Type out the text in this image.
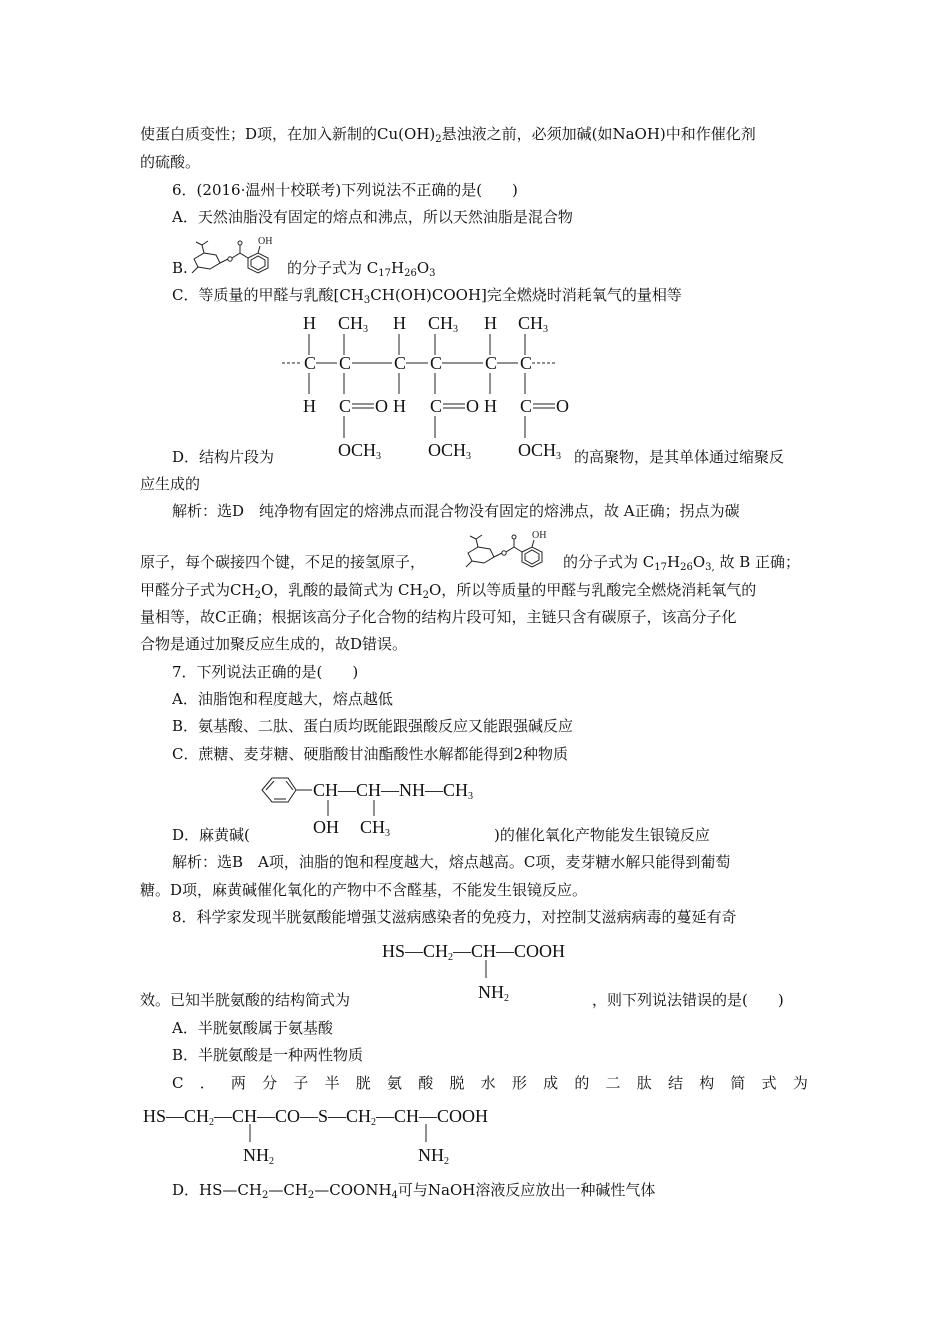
使蛋白质变性；D项，在加入新制的$Cu(OH)_2$悬浊液之前，必须加碱(如NaOH)中和作催化剂
的硫酸。
6．(2016·温州十校联考)下列说法不正确的是(　　)
A．天然油脂没有固定的熔点和沸点，所以天然油脂是混合物
B.
OH
的分子式为 $C_{17}H_{26}O_3$
C．等质量的甲醛与乳酸$[CH_3CH(OH)COOH]$完全燃烧时消耗氧气的量相等
H $CH_3$ H $CH_3$ H $CH_3$
C C C C C C
H C O H C O H C O
$OCH_3$	$OCH_3$	$OCH_3$
D．结构片段为	的高聚物，是其单体通过缩聚反
应生成的
解析：选D　纯净物有固定的熔沸点而混合物没有固定的熔沸点，故 A正确；拐点为碳
原子，每个碳接四个键，不足的接氢原子，
OH
的分子式为 $C_{17}H_{26}O_{3,}$ 故 B 正确；
甲醛分子式为$CH_2O$，乳酸的最简式为 $CH_2O$，所以等质量的甲醛与乳酸完全燃烧消耗氧气的
量相等，故C正确；根据该高分子化合物的结构片段可知，主链只含有碳原子，该高分子化
合物是通过加聚反应生成的，故D错误。
7．下列说法正确的是(　　)
A．油脂饱和程度越大，熔点越低
B．氨基酸、二肽、蛋白质均既能跟强酸反应又能跟强碱反应
C．蔗糖、麦芽糖、硬脂酸甘油酯酸性水解都能得到2种物质
$CH—CH—NH—CH_3$
OH $CH_3$
D．麻黄碱(	)的催化氧化产物能发生银镜反应
解析：选B　A项，油脂的饱和程度越大，熔点越高。C项，麦芽糖水解只能得到葡萄
糖。D项，麻黄碱催化氧化的产物中不含醛基，不能发生银镜反应。
8．科学家发现半胱氨酸能增强艾滋病感染者的免疫力，对控制艾滋病病毒的蔓延有奇
$HS—CH_2—CH—COOH$
$NH_2$
效。已知半胱氨酸的结构简式为	，则下列说法错误的是(　　)
A．半胱氨酸属于氨基酸
B．半胱氨酸是一种两性物质
C ． 两 分 子 半 胱 氨 酸 脱 水 形 成 的 二 肽 结 构 简 式 为
$HS—CH_2—CH—CO—S—CH_2—CH—COOH$
$NH_2$	$NH_2$
D．$HS—CH_2—CH_2—COONH_4$可与NaOH溶液反应放出一种碱性气体
